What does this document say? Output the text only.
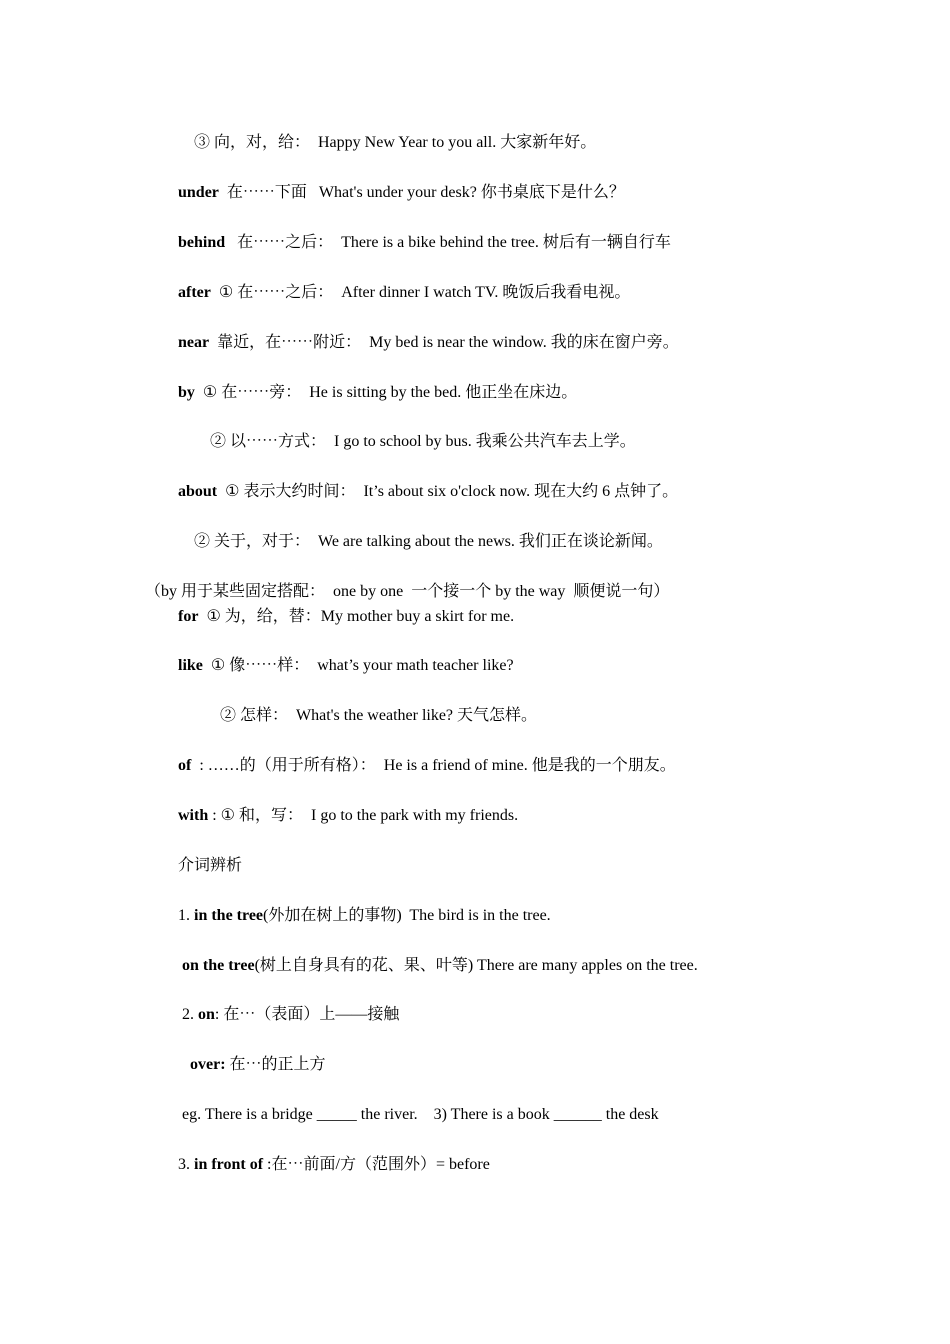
③ 向，对，给：  Happy New Year to you all. 大家新年好。
under  在⋯⋯下面   What's under your desk? 你书桌底下是什么？
behind   在⋯⋯之后：  There is a bike behind the tree. 树后有一辆自行车
after  ① 在⋯⋯之后：  After dinner I watch TV. 晚饭后我看电视。
near  靠近，在⋯⋯附近：  My bed is near the window. 我的床在窗户旁。
by  ① 在⋯⋯旁：  He is sitting by the bed. 他正坐在床边。
② 以⋯⋯方式：  I go to school by bus. 我乘公共汽车去上学。
about  ① 表示大约时间：  It’s about six o'clock now. 现在大约 6 点钟了。
② 关于，对于：  We are talking about the news. 我们正在谈论新闻。
（by 用于某些固定搭配：  one by one  一个接一个 by the way  顺便说一句）
for  ① 为，给，替：My mother buy a skirt for me.
like  ① 像⋯⋯样：  what’s your math teacher like?
② 怎样：  What's the weather like? 天气怎样。
of  : ……的（用于所有格）：  He is a friend of mine. 他是我的一个朋友。
with : ① 和，写：  I go to the park with my friends.
介词辨析
1. in the tree(外加在树上的事物)  The bird is in the tree.
on the tree(树上自身具有的花、果、叶等) There are many apples on the tree.
2. on: 在⋯（表面）上——接触
over: 在⋯的正上方
eg. There is a bridge _____ the river.    3) There is a book ______ the desk
3. in front of :在⋯前面/方（范围外）= before
